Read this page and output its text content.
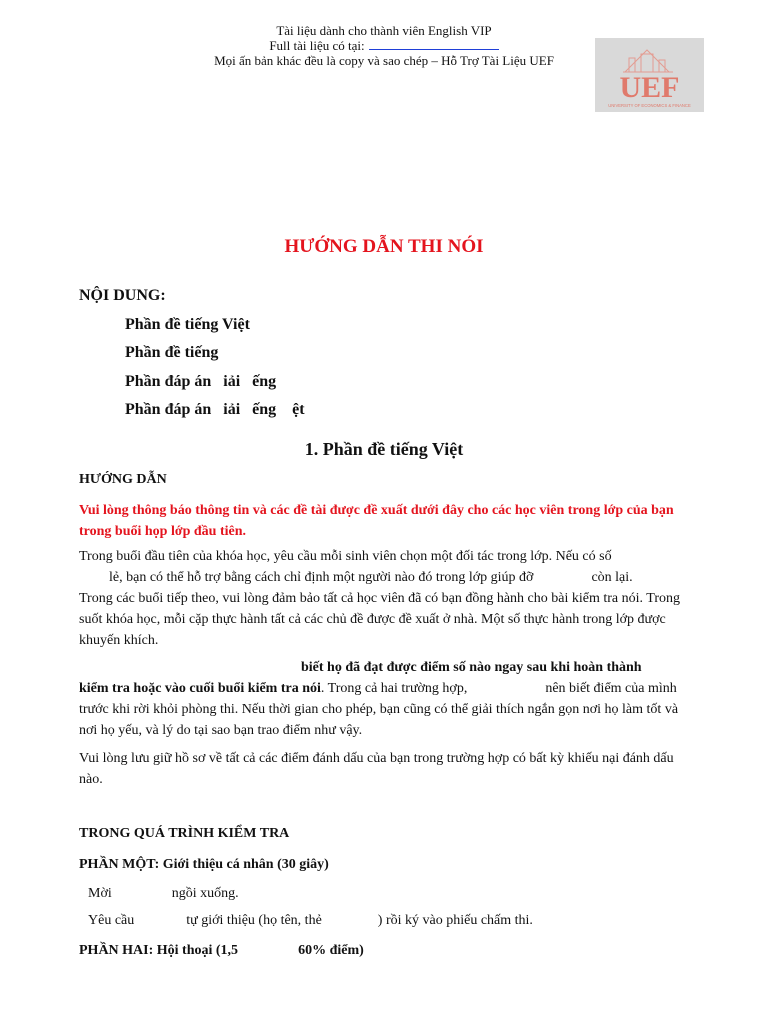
Tài liệu dành cho thành viên English VIP
Full tài liệu có tại:
Mọi ấn bản khác đều là copy và sao chép – Hỗ Trợ Tài Liệu UEF
UEF
UNIVERSITY OF ECONOMICS & FINANCE
HƯỚNG DẪN THI NÓI
NỘI DUNG:
Phần đề tiếng Việt
Phần đề tiếng
Phần đáp án   iải   ếng
Phần đáp án   iải   ếng    ệt
1. Phần đề tiếng Việt
HƯỚNG DẪN
Vui lòng thông báo thông tin và các đề tài được đề xuất dưới đây cho các học viên trong lớp của bạn trong buổi họp lớp đầu tiên.

Trong buổi đầu tiên của khóa học, yêu cầu mỗi sinh viên chọn một đối tác trong lớp. Nếu có số

lẻ, bạn có thể hỗ trợ bằng cách chỉ định một người nào đó trong lớp giúp đỡ	còn lại.

Trong các buổi tiếp theo, vui lòng đảm bảo tất cả học viên đã có bạn đồng hành cho bài kiểm tra nói. Trong suốt khóa học, mỗi cặp thực hành tất cả các chủ đề được đề xuất ở nhà. Một số thực hành trong lớp được khuyến khích.

biết họ đã đạt được điểm số nào ngay sau khi hoàn thành

kiểm tra hoặc vào cuối buổi kiểm tra nói. Trong cả hai trường hợp,	nên biết điểm của mình trước khi rời khỏi phòng thi. Nếu thời gian cho phép, bạn cũng có thể giải thích ngắn gọn nơi họ làm tốt và nơi họ yếu, và lý do tại sao bạn trao điểm như vậy.

Vui lòng lưu giữ hồ sơ về tất cả các điểm đánh dấu của bạn trong trường hợp có bất kỳ khiếu nại đánh dấu nào.
TRONG QUÁ TRÌNH KIỂM TRA
PHẦN MỘT: Giới thiệu cá nhân (30 giây)
Mời	ngồi xuống.
Yêu cầu	tự giới thiệu (họ tên, thẻ	) rồi ký vào phiếu chấm thi.
PHẦN HAI: Hội thoại (1,5	60% điểm)
